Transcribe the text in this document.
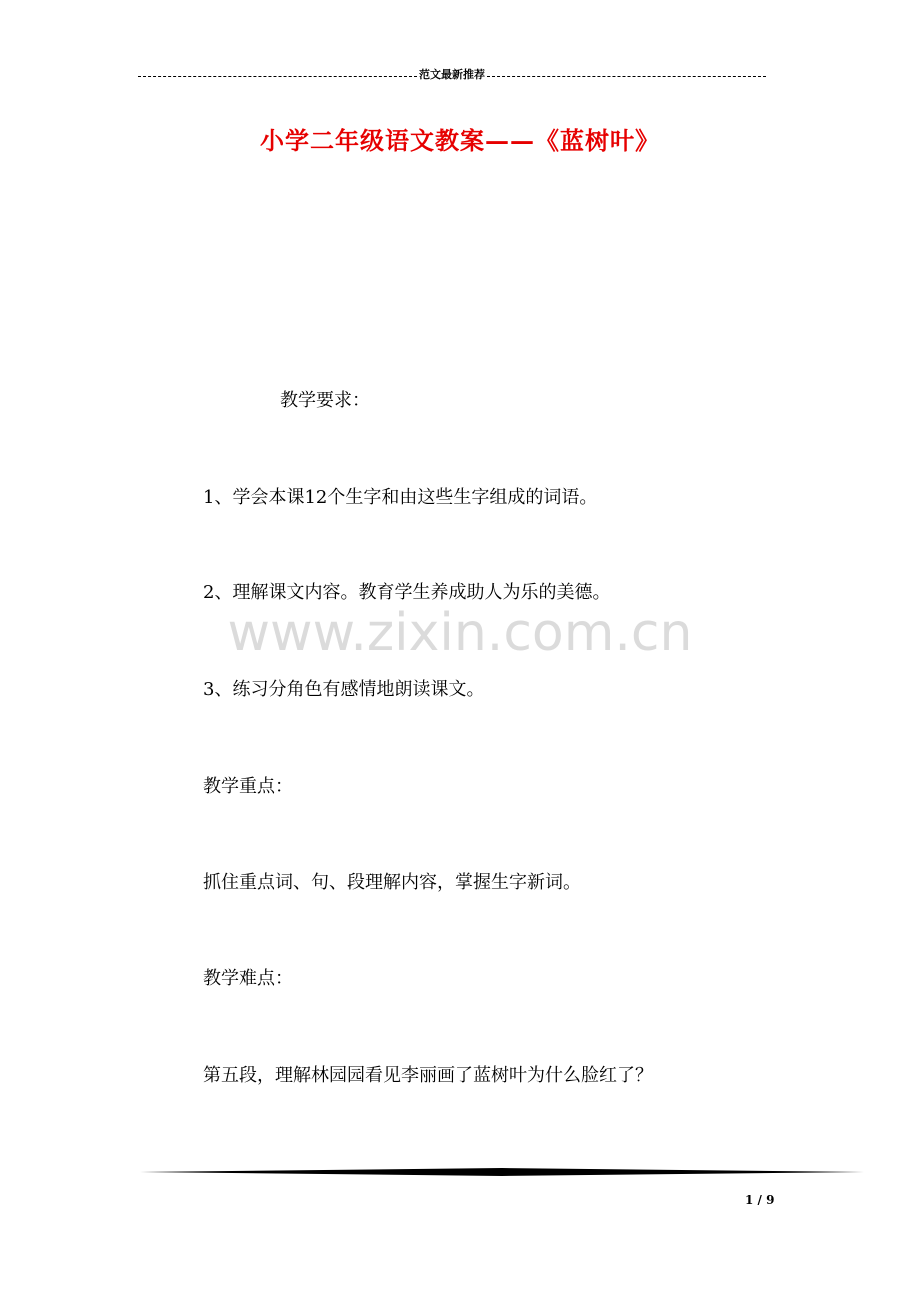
范文最新推荐
小学二年级语文教案——《蓝树叶》
教学要求：
1、学会本课12个生字和由这些生字组成的词语。
2、理解课文内容。教育学生养成助人为乐的美德。
www.zixin.com.cn
3、练习分角色有感情地朗读课文。
教学重点：
抓住重点词、句、段理解内容，掌握生字新词。
教学难点：
第五段，理解林园园看见李丽画了蓝树叶为什么脸红了？
1 / 9
